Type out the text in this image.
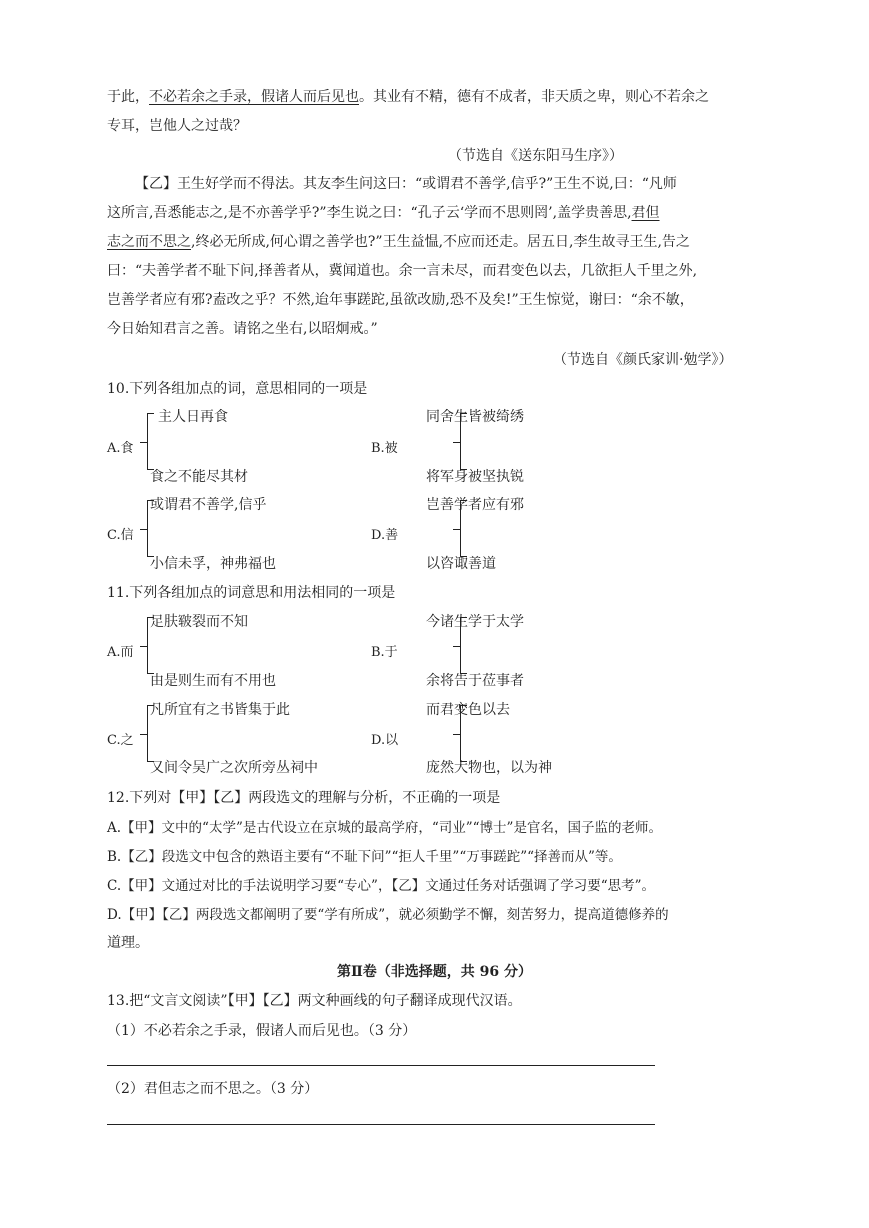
于此，不必若余之手录，假诸人而后见也。其业有不精，德有不成者，非天质之卑，则心不若余之
专耳，岂他人之过哉？
（节选自《送东阳马生序》）
【乙】王生好学而不得法。其友李生问这曰：“或谓君不善学,信乎?”王生不说,曰：“凡师
这所言,吾悉能志之,是不亦善学乎?”李生说之曰：“孔子云‘学而不思则罔’,盖学贵善思,君但
志之而不思之,终必无所成,何心谓之善学也?”王生益愠,不应而还走。居五日,李生故寻王生,告之
曰：“夫善学者不耻下问,择善者从，冀闻道也。余一言未尽，而君变色以去，几欲拒人千里之外,
岂善学者应有邪?盍改之乎？不然,迨年事蹉跎,虽欲改励,恐不及矣!”王生惊觉，谢曰：“余不敏，
今日始知君言之善。请铭之坐右,以昭炯戒。”
（节选自《颜氏家训·勉学》）
10.下列各组加点的词，意思相同的一项是
A.食
主人日再食
食之不能尽其材
B.被
同舍生皆被绮绣
将军身被坚执锐
C.信
或谓君不善学,信乎
小信未孚，神弗福也
D.善
岂善学者应有邪
以咨诹善道
11.下列各组加点的词意思和用法相同的一项是
A.而
足肤皲裂而不知
由是则生而有不用也
B.于
今诸生学于太学
余将告于莅事者
C.之
凡所宜有之书皆集于此
又间令吴广之次所旁丛祠中
D.以
而君变色以去
庞然大物也，以为神
12.下列对【甲】【乙】两段选文的理解与分析，不正确的一项是
A.【甲】文中的“太学”是古代设立在京城的最高学府，“司业”“博士”是官名，国子监的老师。
B.【乙】段选文中包含的熟语主要有“不耻下问”“拒人千里”“万事蹉跎”“择善而从”等。
C.【甲】文通过对比的手法说明学习要“专心”，【乙】文通过任务对话强调了学习要“思考”。
D.【甲】【乙】两段选文都阐明了要“学有所成”，就必须勤学不懈，刻苦努力，提高道德修养的
道理。
第Ⅱ卷（非选择题，共 96 分）
13.把“文言文阅读”【甲】【乙】两文种画线的句子翻译成现代汉语。
（1）不必若余之手录，假诸人而后见也。（3 分）
（2）君但志之而不思之。（3 分）
